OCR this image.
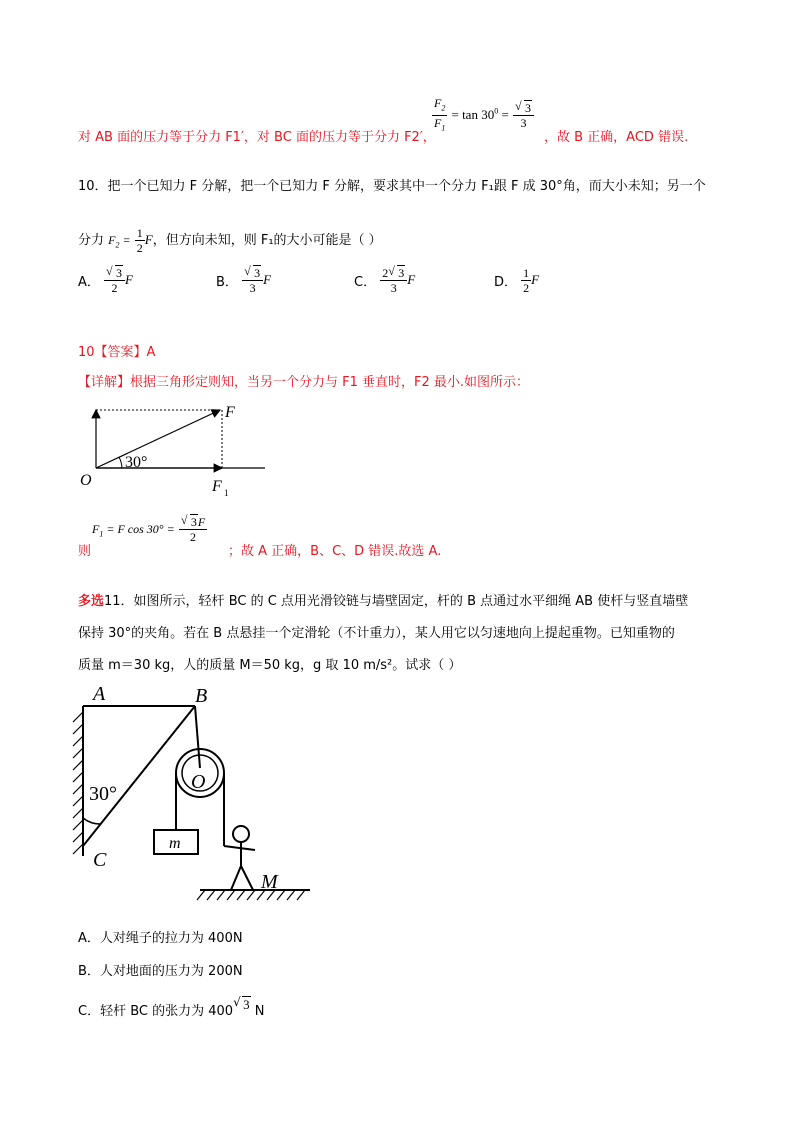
对 AB 面的压力等于分力 F1′，对 BC 面的压力等于分力 F2′，
$\frac{F_2}{F_1} = \tan 30^0 = \frac{√ 3}{3}$
，故 B 正确，ACD 错误.
10．把一个已知力 F 分解，把一个已知力 F 分解，要求其中一个分力 F₁跟 F 成 30°角，而大小未知；另一个
分力 $F_2 = \frac{1}{2}$ F，但方向未知，则 F₁的大小可能是（ ）
A． $\frac{√ 3}{2}$ F	B． $\frac{√ 3}{3}$ F	C． $\frac{2 √ 3}{3}$ F	D． $\frac{1}{2}$ F
10【答案】A
【详解】根据三角形定则知，当另一个分力与 F1 垂直时，F2 最小.如图所示：
30°
F
O	F 1
则
$F_1 = F$ $\cos 30^\circ = \frac{√ 3F}{2}$
；故 A 正确，B、C、D 错误.故选 A.
多选11．如图所示，轻杆 BC 的 C 点用光滑铰链与墙壁固定，杆的 B 点通过水平细绳 AB 使杆与竖直墙壁
保持 30°的夹角。若在 B 点悬挂一个定滑轮（不计重力），某人用它以匀速地向上提起重物。已知重物的
质量 m＝30 kg，人的质量 M＝50 kg，g 取 10 m/s²。试求（ ）
m
A	B
C
O
M
30°
A．人对绳子的拉力为 400N
B．人对地面的压力为 200N
C．轻杆 BC 的张力为 400
√ 3 N
